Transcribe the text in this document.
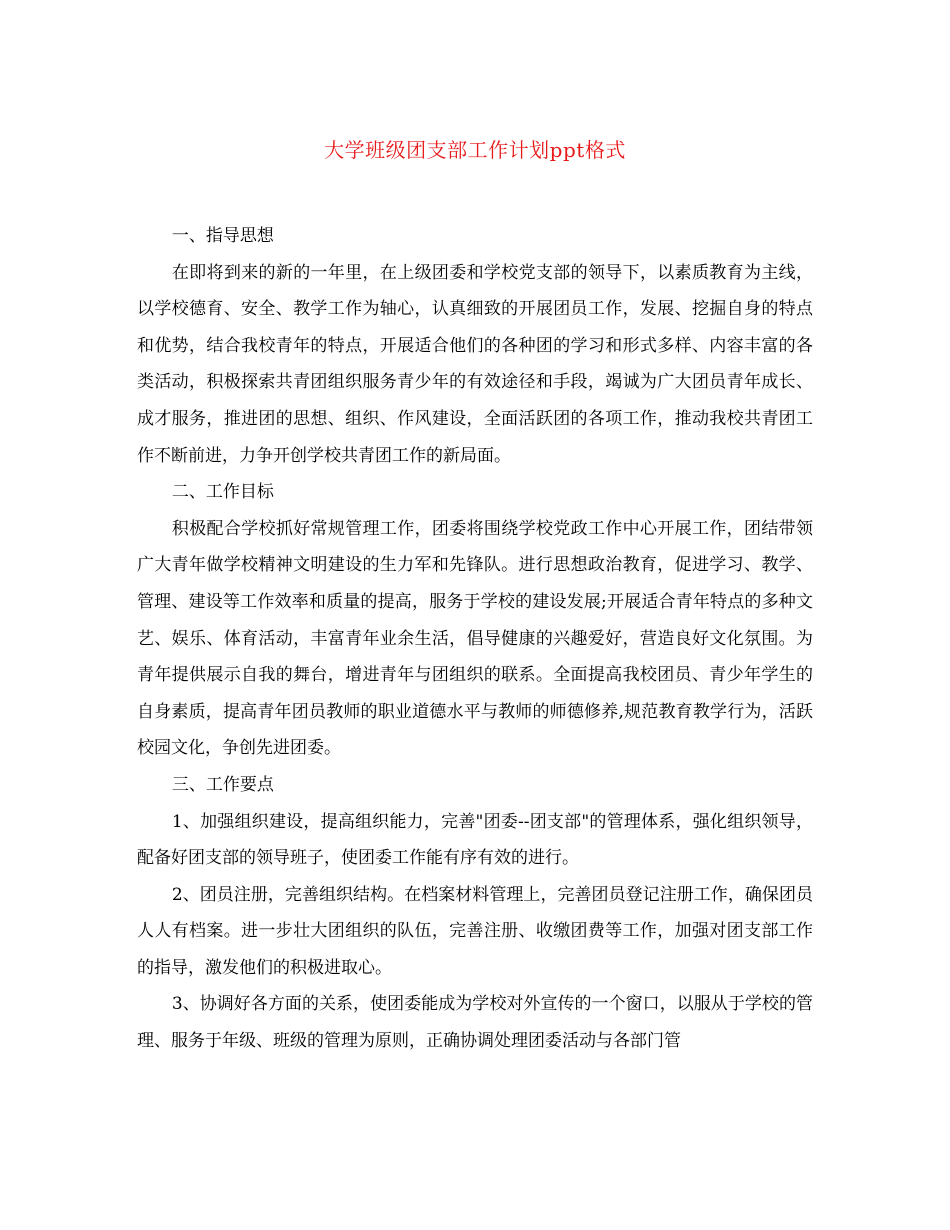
大学班级团支部工作计划ppt格式

一、指导思想

在即将到来的新的一年里，在上级团委和学校党支部的领导下，以素质教育为主线，以学校德育、安全、教学工作为轴心，认真细致的开展团员工作，发展、挖掘自身的特点和优势，结合我校青年的特点，开展适合他们的各种团的学习和形式多样、内容丰富的各类活动，积极探索共青团组织服务青少年的有效途径和手段，竭诚为广大团员青年成长、成才服务，推进团的思想、组织、作风建设，全面活跃团的各项工作，推动我校共青团工作不断前进，力争开创学校共青团工作的新局面。

二、工作目标

积极配合学校抓好常规管理工作，团委将围绕学校党政工作中心开展工作，团结带领广大青年做学校精神文明建设的生力军和先锋队。进行思想政治教育，促进学习、教学、管理、建设等工作效率和质量的提高，服务于学校的建设发展;开展适合青年特点的多种文艺、娱乐、体育活动，丰富青年业余生活，倡导健康的兴趣爱好，营造良好文化氛围。为青年提供展示自我的舞台，增进青年与团组织的联系。全面提高我校团员、青少年学生的自身素质，提高青年团员教师的职业道德水平与教师的师德修养,规范教育教学行为，活跃校园文化，争创先进团委。

三、工作要点

1、加强组织建设，提高组织能力，完善"团委--团支部"的管理体系，强化组织领导，配备好团支部的领导班子，使团委工作能有序有效的进行。

2、团员注册，完善组织结构。在档案材料管理上，完善团员登记注册工作，确保团员人人有档案。进一步壮大团组织的队伍，完善注册、收缴团费等工作，加强对团支部工作的指导，激发他们的积极进取心。

3、协调好各方面的关系，使团委能成为学校对外宣传的一个窗口，以服从于学校的管理、服务于年级、班级的管理为原则，正确协调处理团委活动与各部门管
